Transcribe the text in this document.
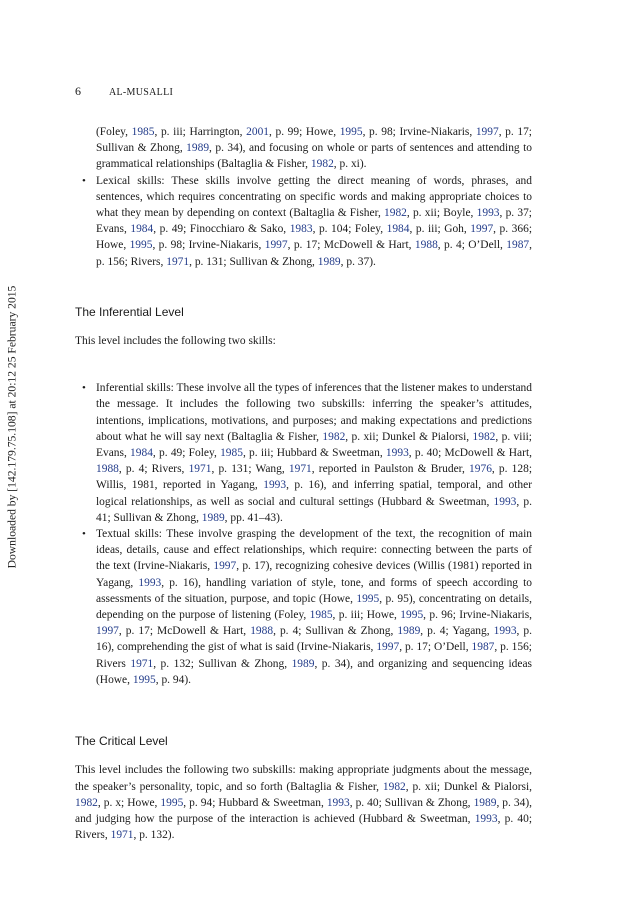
Downloaded by [142.179.75.108] at 20:12 25 February 2015
6	AL-MUSALLI

(Foley, 1985, p. iii; Harrington, 2001, p. 99; Howe, 1995, p. 98; Irvine-Niakaris, 1997, p. 17; Sullivan & Zhong, 1989, p. 34), and focusing on whole or parts of sentences and attending to grammatical relationships (Baltaglia & Fisher, 1982, p. xi).

• Lexical skills: These skills involve getting the direct meaning of words, phrases, and sentences, which requires concentrating on specific words and making appropriate choices to what they mean by depending on context (Baltaglia & Fisher, 1982, p. xii; Boyle, 1993, p. 37; Evans, 1984, p. 49; Finocchiaro & Sako, 1983, p. 104; Foley, 1984, p. iii; Goh, 1997, p. 366; Howe, 1995, p. 98; Irvine-Niakaris, 1997, p. 17; McDowell & Hart, 1988, p. 4; O’Dell, 1987, p. 156; Rivers, 1971, p. 131; Sullivan & Zhong, 1989, p. 37).
The Inferential Level

This level includes the following two skills:

• Inferential skills: These involve all the types of inferences that the listener makes to understand the message. It includes the following two subskills: inferring the speaker’s attitudes, intentions, implications, motivations, and purposes; and making expectations and predictions about what he will say next (Baltaglia & Fisher, 1982, p. xii; Dunkel & Pialorsi, 1982, p. viii; Evans, 1984, p. 49; Foley, 1985, p. iii; Hubbard & Sweetman, 1993, p. 40; McDowell & Hart, 1988, p. 4; Rivers, 1971, p. 131; Wang, 1971, reported in Paulston & Bruder, 1976, p. 128; Willis, 1981, reported in Yagang, 1993, p. 16), and inferring spatial, temporal, and other logical relationships, as well as social and cultural settings (Hubbard & Sweetman, 1993, p. 41; Sullivan & Zhong, 1989, pp. 41–43).
• Textual skills: These involve grasping the development of the text, the recognition of main ideas, details, cause and effect relationships, which require: connecting between the parts of the text (Irvine-Niakaris, 1997, p. 17), recognizing cohesive devices (Willis (1981) reported in Yagang, 1993, p. 16), handling variation of style, tone, and forms of speech according to assessments of the situation, purpose, and topic (Howe, 1995, p. 95), concentrating on details, depending on the purpose of listening (Foley, 1985, p. iii; Howe, 1995, p. 96; Irvine-Niakaris, 1997, p. 17; McDowell & Hart, 1988, p. 4; Sullivan & Zhong, 1989, p. 4; Yagang, 1993, p. 16), comprehending the gist of what is said (Irvine-Niakaris, 1997, p. 17; O’Dell, 1987, p. 156; Rivers 1971, p. 132; Sullivan & Zhong, 1989, p. 34), and organizing and sequencing ideas (Howe, 1995, p. 94).
The Critical Level

This level includes the following two subskills: making appropriate judgments about the message, the speaker’s personality, topic, and so forth (Baltaglia & Fisher, 1982, p. xii; Dunkel & Pialorsi, 1982, p. x; Howe, 1995, p. 94; Hubbard & Sweetman, 1993, p. 40; Sullivan & Zhong, 1989, p. 34), and judging how the purpose of the interaction is achieved (Hubbard & Sweetman, 1993, p. 40; Rivers, 1971, p. 132).
